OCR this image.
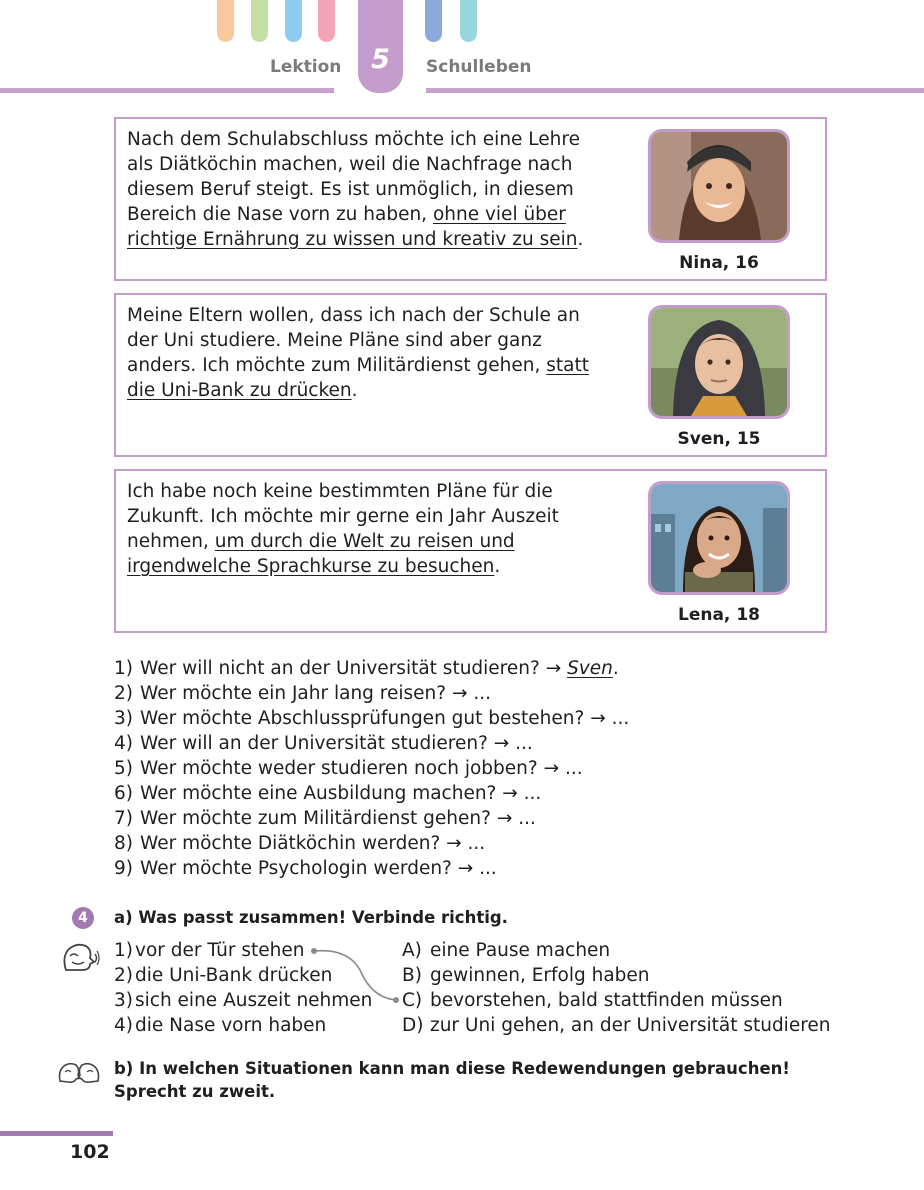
5
Lektion	Schulleben
Nach dem Schulabschluss möchte ich eine Lehre als Diätköchin machen, weil die Nachfrage nach diesem Beruf steigt. Es ist unmöglich, in diesem Bereich die Nase vorn zu haben, ohne viel über richtige Ernährung zu wissen und kreativ zu sein.
Nina, 16
Meine Eltern wollen, dass ich nach der Schule an der Uni studiere. Meine Pläne sind aber ganz anders. Ich möchte zum Militärdienst gehen, statt die Uni-Bank zu drücken.
Sven, 15
Ich habe noch keine bestimmten Pläne für die Zukunft. Ich möchte mir gerne ein Jahr Auszeit nehmen, um durch die Welt zu reisen und irgendwelche Sprachkurse zu besuchen.
Lena, 18
1) Wer will nicht an der Universität studieren? → Sven.
2) Wer möchte ein Jahr lang reisen? → ...
3) Wer möchte Abschlussprüfungen gut bestehen? → ...
4) Wer will an der Universität studieren? → ...
5) Wer möchte weder studieren noch jobben? → ...
6) Wer möchte eine Ausbildung machen? → ...
7) Wer möchte zum Militärdienst gehen? → ...
8) Wer möchte Diätköchin werden? → ...
9) Wer möchte Psychologin werden? → ...
4	a) Was passt zusammen! Verbinde richtig.
1) vor der Tür stehen
2) die Uni-Bank drücken
3) sich eine Auszeit nehmen
4) die Nase vorn haben
A) eine Pause machen
B) gewinnen, Erfolg haben
C) bevorstehen, bald stattfinden müssen
D) zur Uni gehen, an der Universität studieren
b) In welchen Situationen kann man diese Redewendungen gebrauchen! Sprecht zu zweit.
102
